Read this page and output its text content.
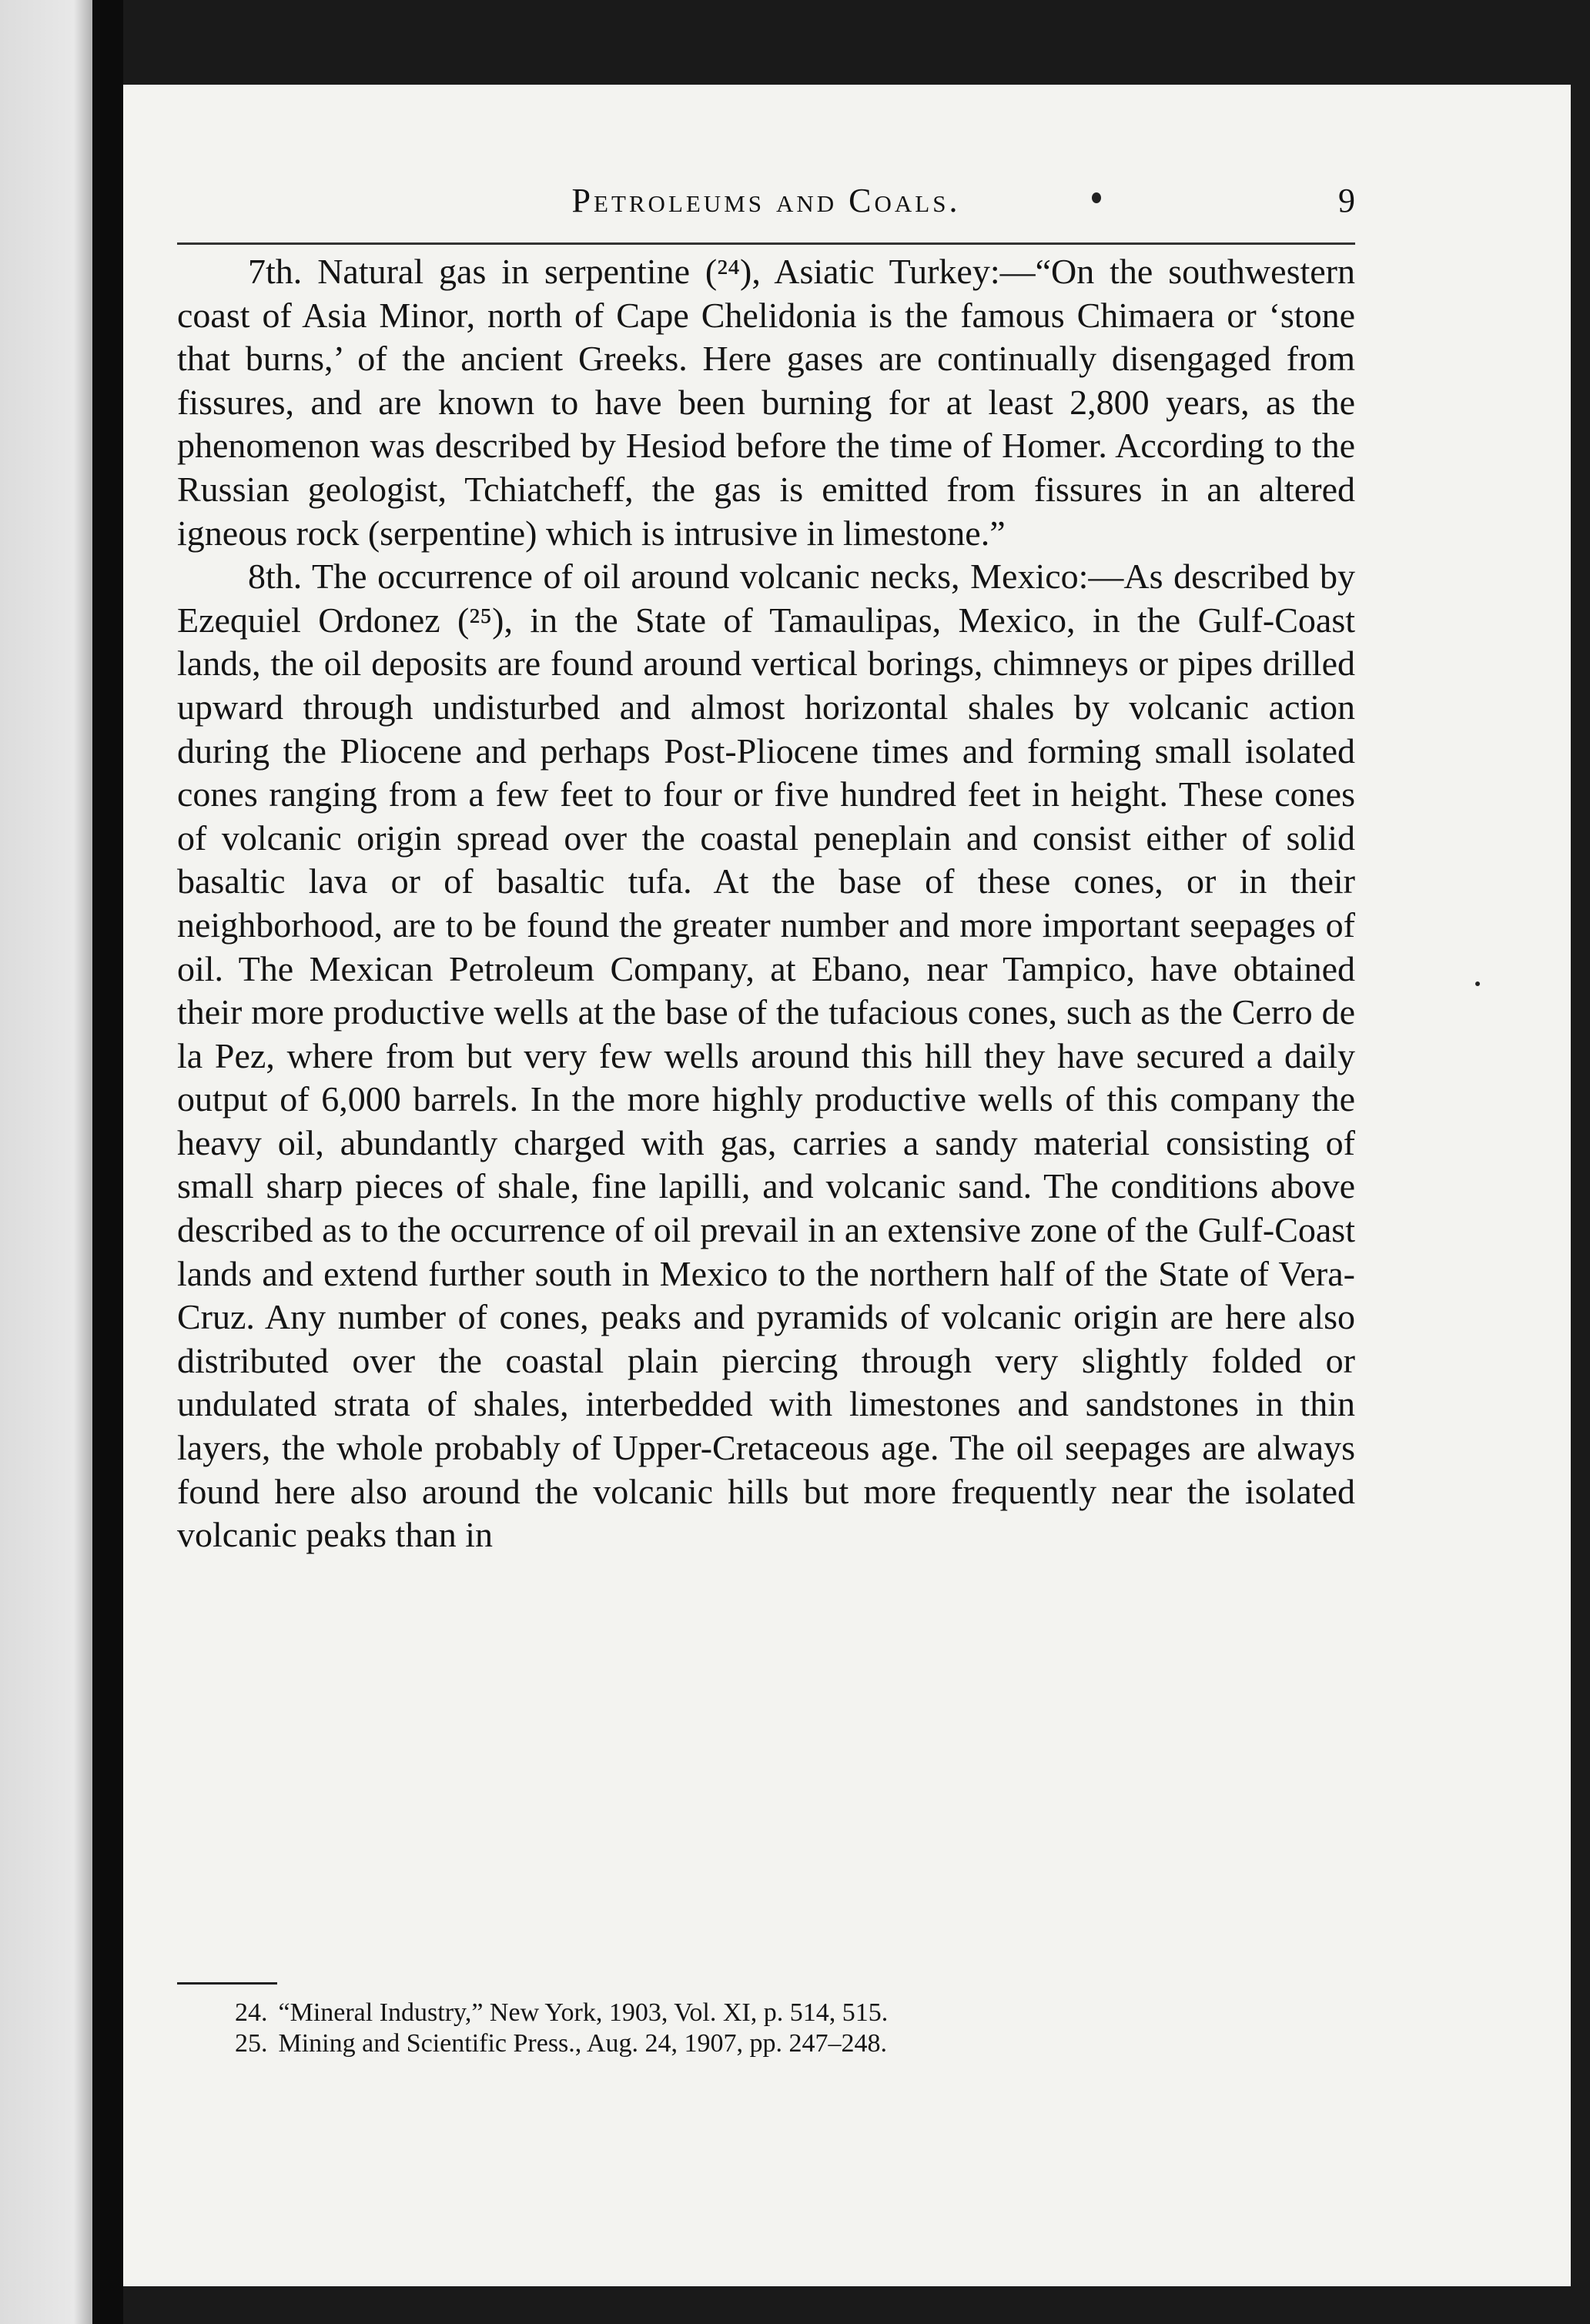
Petroleums and Coals.	9

7th. Natural gas in serpentine (²⁴), Asiatic Turkey:—“On the southwestern coast of Asia Minor, north of Cape Chelidonia is the famous Chimaera or ‘stone that burns,’ of the ancient Greeks. Here gases are continually disengaged from fissures, and are known to have been burning for at least 2,800 years, as the phenomenon was described by Hesiod before the time of Homer. According to the Russian geologist, Tchiatcheff, the gas is emitted from fissures in an altered igneous rock (serpentine) which is intrusive in limestone.”

8th. The occurrence of oil around volcanic necks, Mexico:—As described by Ezequiel Ordonez (²⁵), in the State of Tamaulipas, Mexico, in the Gulf-Coast lands, the oil deposits are found around vertical borings, chimneys or pipes drilled upward through undisturbed and almost horizontal shales by volcanic action during the Pliocene and perhaps Post-Pliocene times and forming small isolated cones ranging from a few feet to four or five hundred feet in height. These cones of volcanic origin spread over the coastal peneplain and consist either of solid basaltic lava or of basaltic tufa. At the base of these cones, or in their neighborhood, are to be found the greater number and more important seepages of oil. The Mexican Petroleum Company, at Ebano, near Tampico, have obtained their more productive wells at the base of the tufacious cones, such as the Cerro de la Pez, where from but very few wells around this hill they have secured a daily output of 6,000 barrels. In the more highly productive wells of this company the heavy oil, abundantly charged with gas, carries a sandy material consisting of small sharp pieces of shale, fine lapilli, and volcanic sand. The conditions above described as to the occurrence of oil prevail in an extensive zone of the Gulf-Coast lands and extend further south in Mexico to the northern half of the State of Vera-Cruz. Any number of cones, peaks and pyramids of volcanic origin are here also distributed over the coastal plain piercing through very slightly folded or undulated strata of shales, interbedded with limestones and sandstones in thin layers, the whole probably of Upper-Cretaceous age. The oil seepages are always found here also around the volcanic hills but more frequently near the isolated volcanic peaks than in

24. “Mineral Industry,” New York, 1903, Vol. XI, p. 514, 515.
25. Mining and Scientific Press., Aug. 24, 1907, pp. 247–248.
